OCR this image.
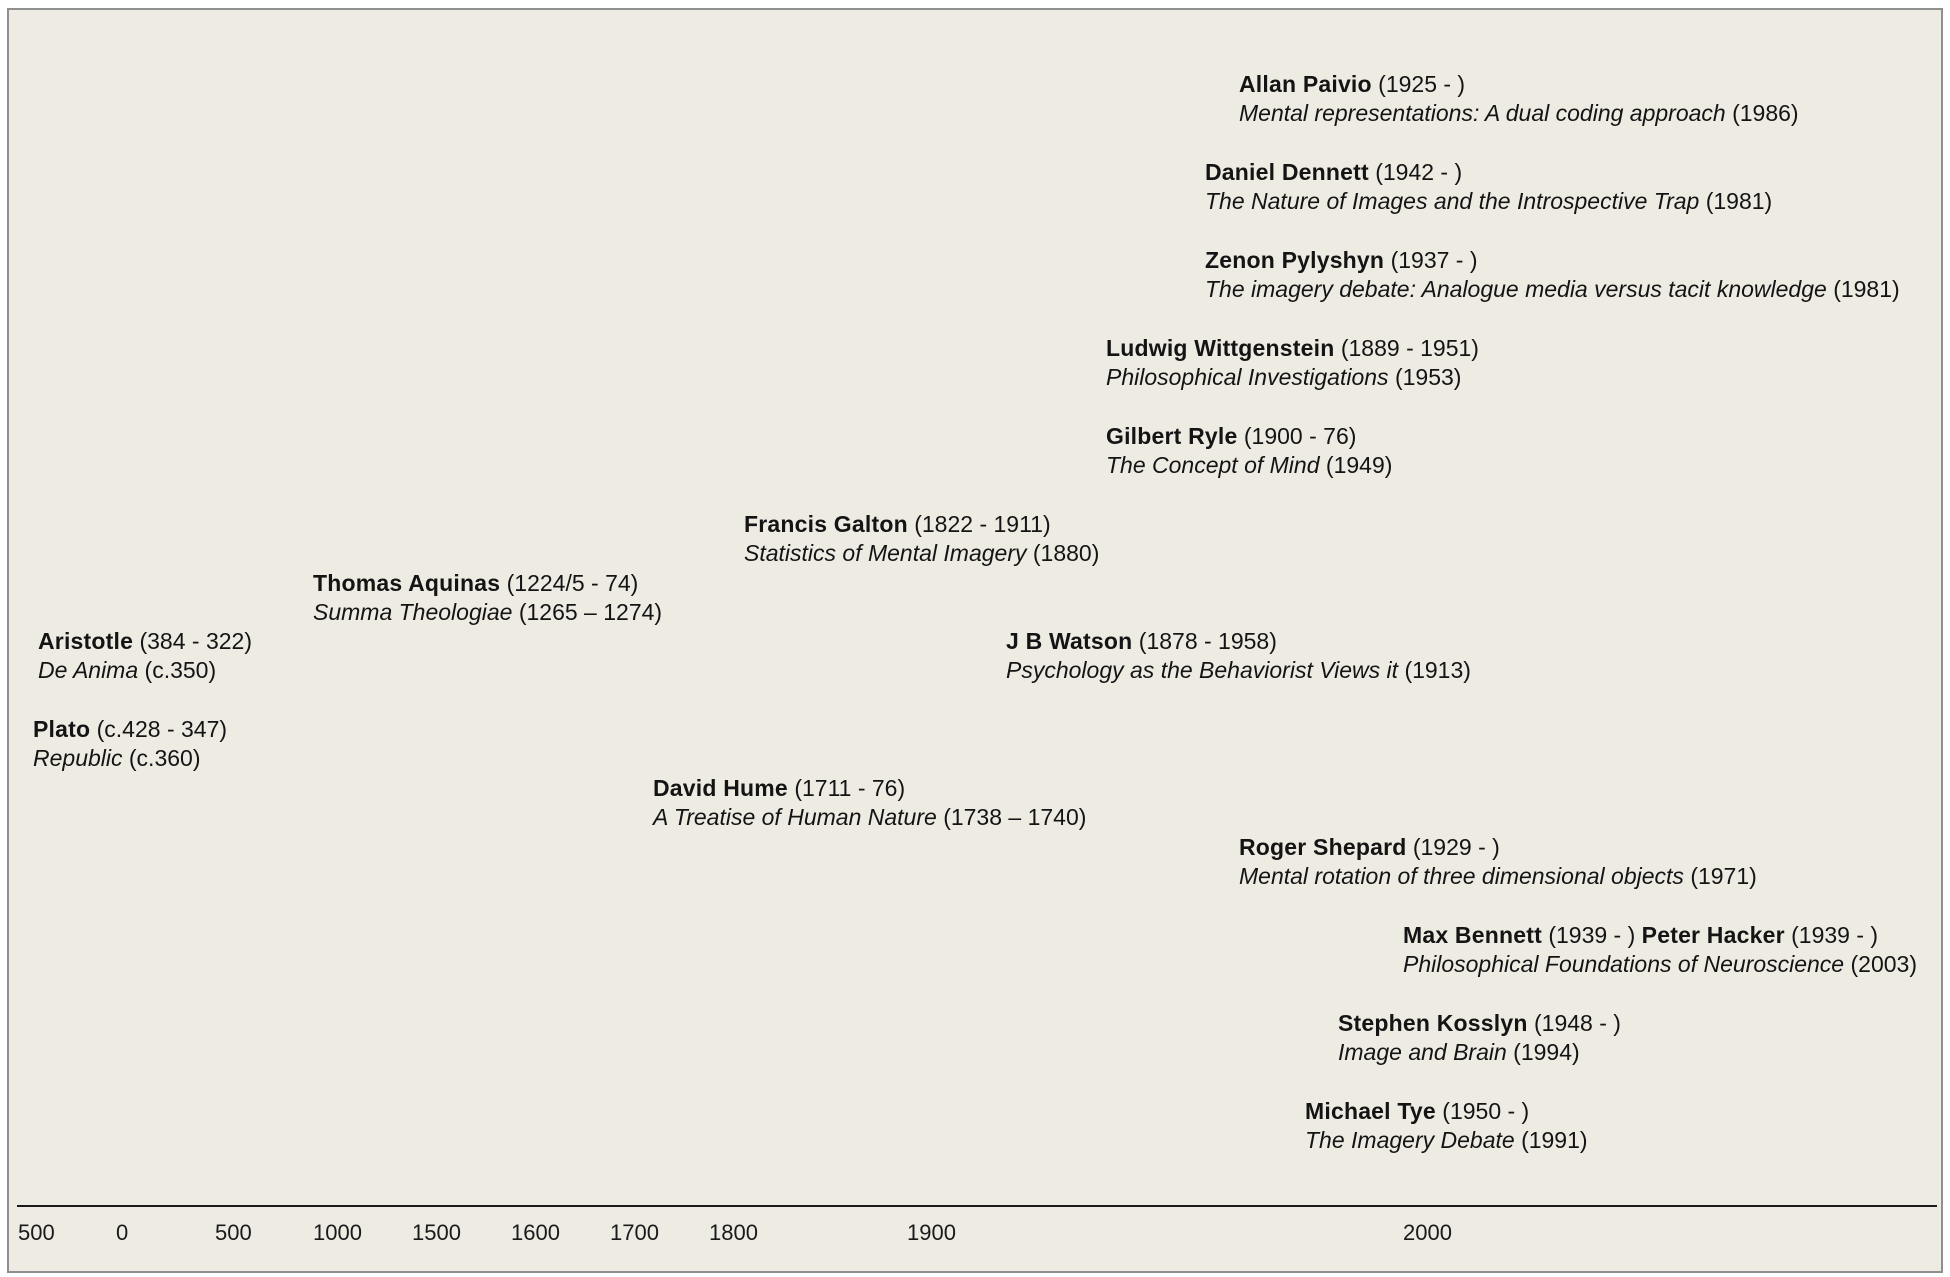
Allan Paivio (1925 - )
Mental representations: A dual coding approach (1986)
Daniel Dennett (1942 - )
The Nature of Images and the Introspective Trap (1981)
Zenon Pylyshyn (1937 - )
The imagery debate: Analogue media versus tacit knowledge (1981)
Ludwig Wittgenstein (1889 - 1951)
Philosophical Investigations (1953)
Gilbert Ryle (1900 - 76)
The Concept of Mind (1949)
Francis Galton (1822 - 1911)
Statistics of Mental Imagery (1880)
Thomas Aquinas (1224/5 - 74)
Summa Theologiae (1265 – 1274)
Aristotle (384 - 322)
De Anima (c.350)
J B Watson (1878 - 1958)
Psychology as the Behaviorist Views it (1913)
Plato (c.428 - 347)
Republic (c.360)
David Hume (1711 - 76)
A Treatise of Human Nature (1738 – 1740)
Roger Shepard (1929 - )
Mental rotation of three dimensional objects (1971)
Max Bennett (1939 - ) Peter Hacker (1939 - )
Philosophical Foundations of Neuroscience (2003)
Stephen Kosslyn (1948 - )
Image and Brain (1994)
Michael Tye (1950 - )
The Imagery Debate (1991)
500	0	500	1000 1500 1600 1700 1800	1900	2000
